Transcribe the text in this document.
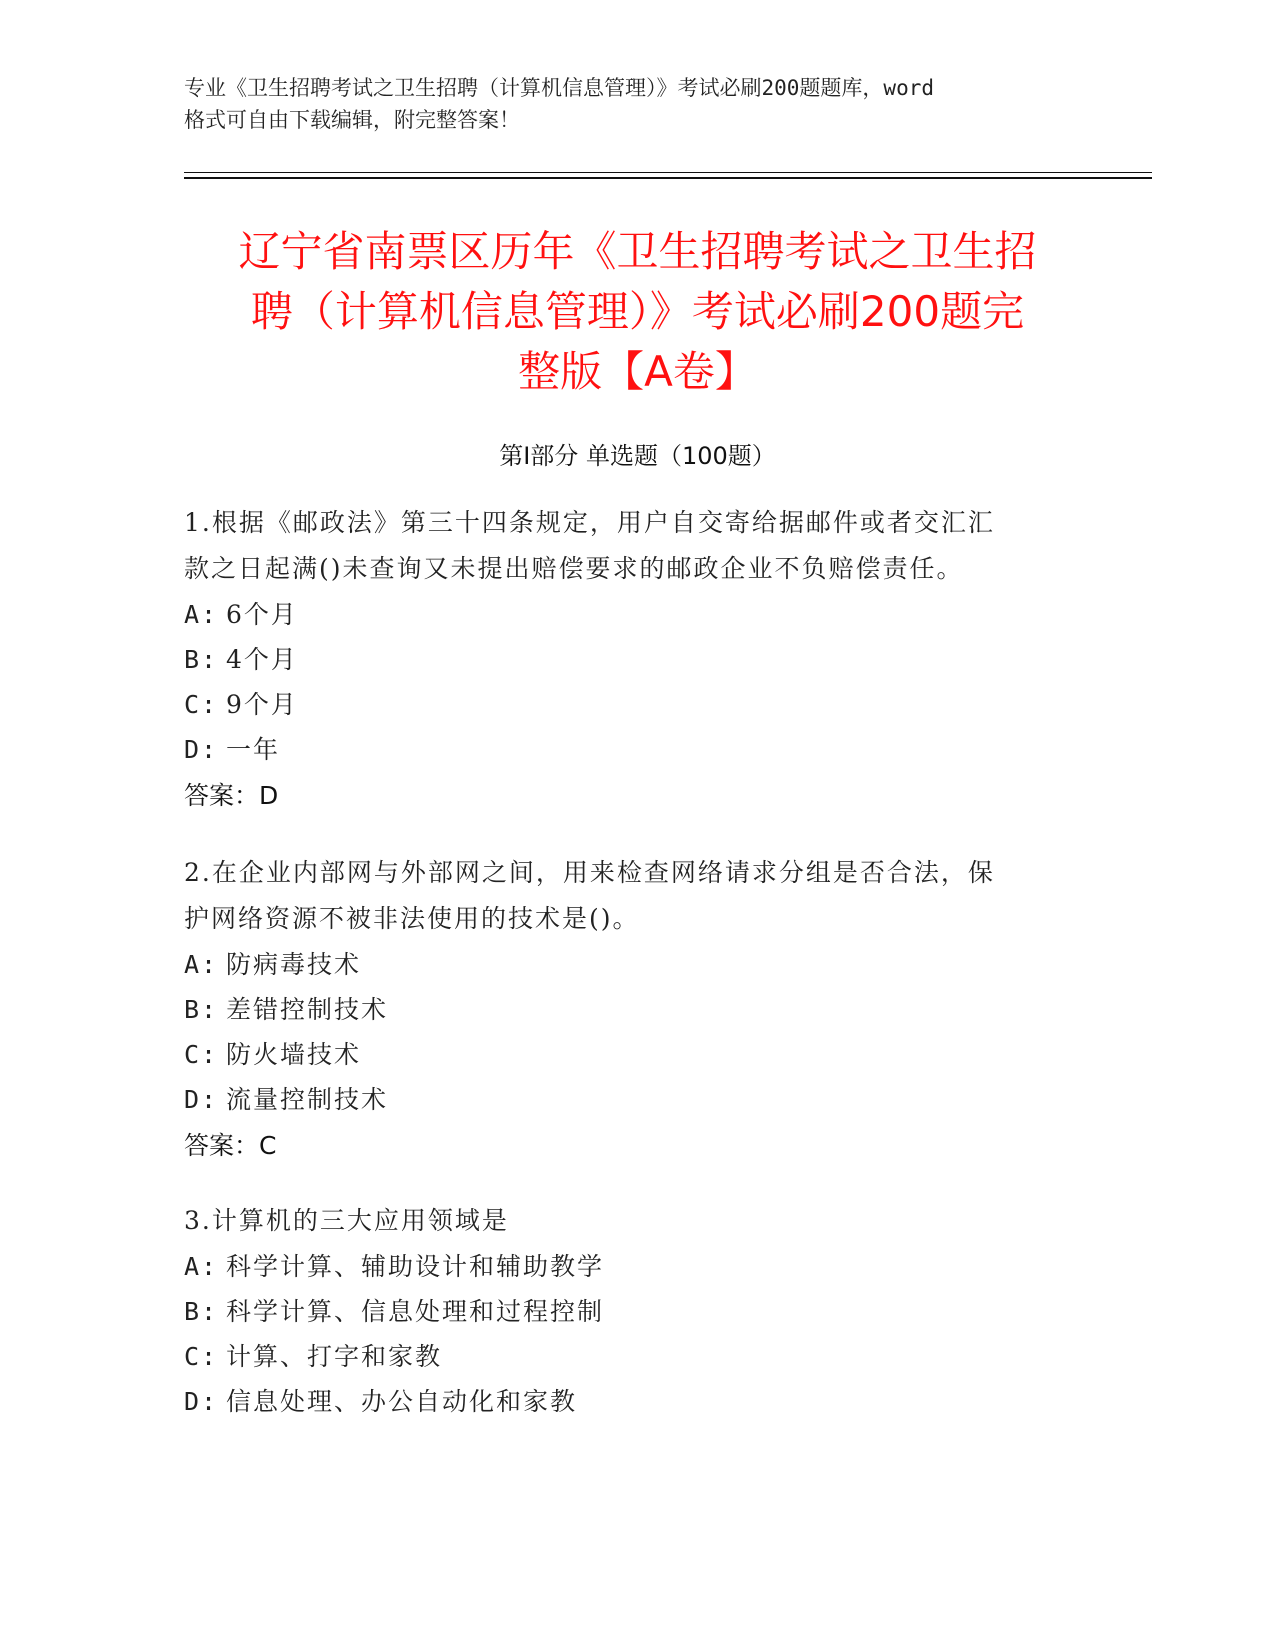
专业《卫生招聘考试之卫生招聘（计算机信息管理）》考试必刷200题题库，word
格式可自由下载编辑，附完整答案！
辽宁省南票区历年《卫生招聘考试之卫生招
聘（计算机信息管理）》考试必刷200题完
整版【A卷】
第Ⅰ部分 单选题（100题）
1.根据《邮政法》第三十四条规定，用户自交寄给据邮件或者交汇汇
款之日起满()未查询又未提出赔偿要求的邮政企业不负赔偿责任。
A: 6个月
B: 4个月
C: 9个月
D: 一年
答案：D
2.在企业内部网与外部网之间，用来检查网络请求分组是否合法，保
护网络资源不被非法使用的技术是()。
A: 防病毒技术
B: 差错控制技术
C: 防火墙技术
D: 流量控制技术
答案：C
3.计算机的三大应用领域是
A: 科学计算、辅助设计和辅助教学
B: 科学计算、信息处理和过程控制
C: 计算、打字和家教
D: 信息处理、办公自动化和家教
